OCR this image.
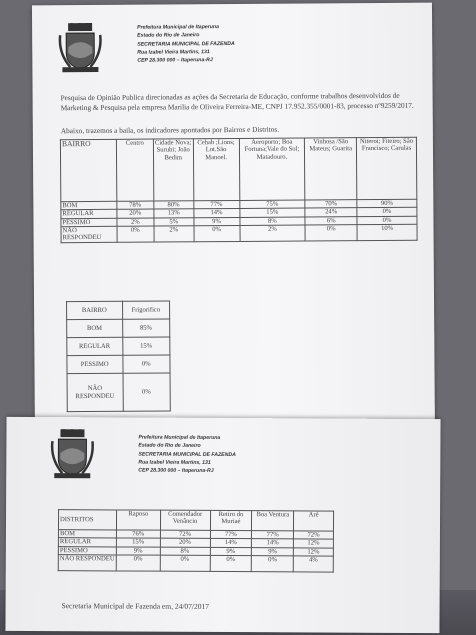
Prefeitura Municipal de Itaperuna
Estado do Rio de Janeiro
SECRETARIA MUNICIPAL DE FAZENDA
Rua Izabel Vieira Martins, 131
CEP 28.300 000 – Itaperuna-RJ
Pesquisa de Opinião Publica direcionadas as ações da Secretaria de Educação, conforme trabalhos desenvolvidos de Marketing & Pesquisa pela empresa Marilia de Oliveira Ferreira-ME, CNPJ 17.952.355/0001-83, processo nº9259/2017.
Abaixo, trazemos a baila, os indicadores apontados por Bairros e Distritos.
BAIRRO	Centro	Cidade Nova; Surubi; João Bedim	Cehab ;Lions; Lot.São Manoel.	Aeroporto; Boa Fortuna;Vale do Sol; Matadouro.	Vinhosa /São Mateus; Guarita	Niteroi; Fiteiro; São Francisco; Carulas
BOM	78%	80%	77%	75%	70%	90%
REGULAR	20%	13%	14%	15%	24%	0%
PESSIMO	2%	5%	9%	8%	6%	0%
NÃO RESPONDEU	0%	2%	0%	2%	0%	10%
BAIRRO	Frigorifico
BOM	85%
REGULAR	15%
PESSIMO	0%
NÃO RESPONDEU	0%
Prefeitura Municipal de Itaperuna
Estado do Rio de Janeiro
SECRETARIA MUNICIPAL DE FAZENDA
Rua Izabel Vieira Martins, 131
CEP 28.300 000 – Itaperuna-RJ
DISTRITOS	Raposo	Comendador Venâncio	Retiro do Muriaé	Boa Ventura	Aré
BOM	76%	72%	77%	77%	72%
REGULAR	15%	20%	14%	14%	12%
PESSIMO	9%	8%	9%	9%	12%
NÃO RESPONDEU	0%	0%	0%	0%	4%
Secretaria Municipal de Fazenda em, 24/07/2017
